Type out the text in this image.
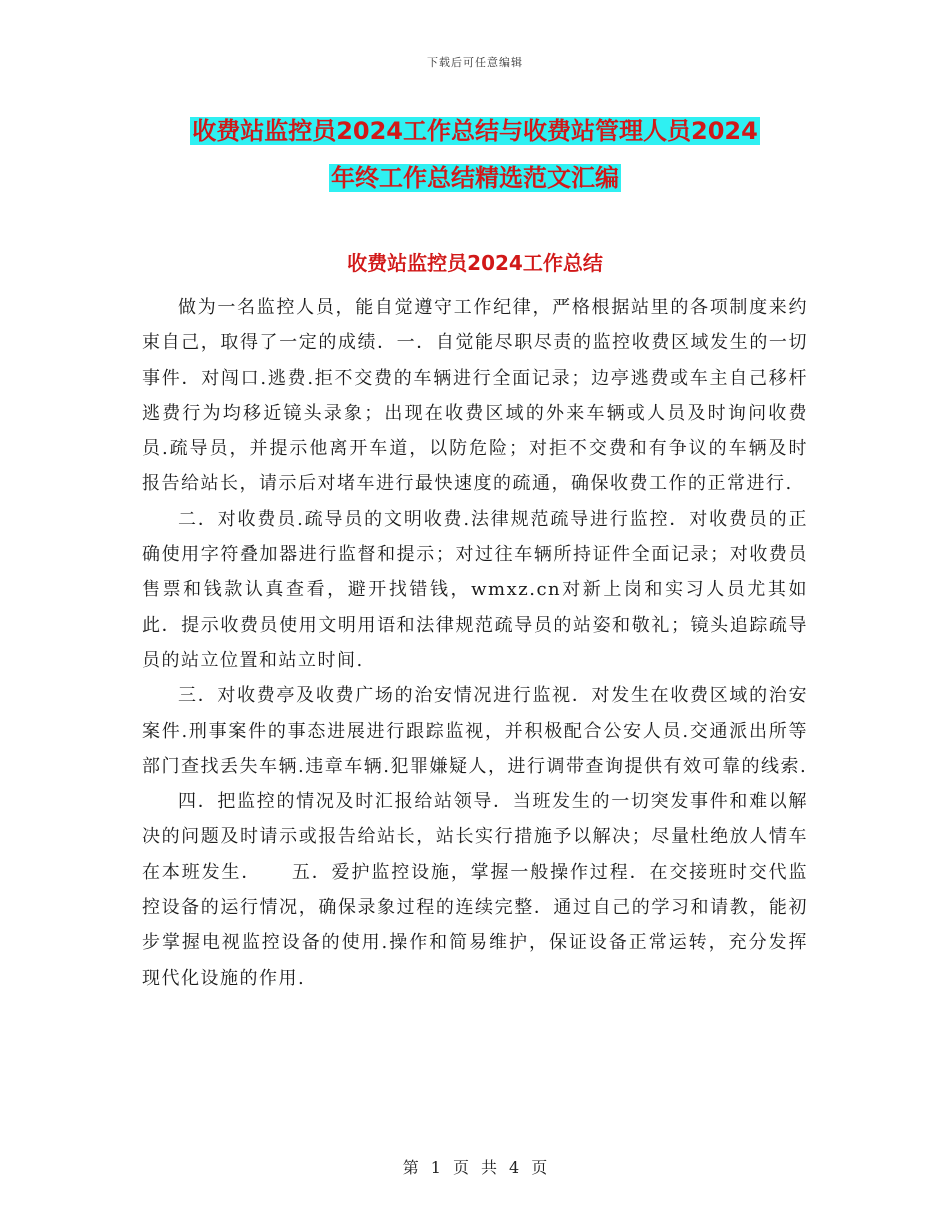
下载后可任意编辑
收费站监控员2024工作总结与收费站管理人员2024
年终工作总结精选范文汇编
收费站监控员2024工作总结

做为一名监控人员，能自觉遵守工作纪律，严格根据站里的各项制度来约束自己，取得了一定的成绩．一．自觉能尽职尽责的监控收费区域发生的一切事件．对闯口.逃费.拒不交费的车辆进行全面记录；边亭逃费或车主自己移杆逃费行为均移近镜头录象；出现在收费区域的外来车辆或人员及时询问收费员.疏导员，并提示他离开车道，以防危险；对拒不交费和有争议的车辆及时报告给站长，请示后对堵车进行最快速度的疏通，确保收费工作的正常进行.

二．对收费员.疏导员的文明收费.法律规范疏导进行监控．对收费员的正确使用字符叠加器进行监督和提示；对过往车辆所持证件全面记录；对收费员售票和钱款认真查看，避开找错钱，wmxz.cn对新上岗和实习人员尤其如此．提示收费员使用文明用语和法律规范疏导员的站姿和敬礼；镜头追踪疏导员的站立位置和站立时间.

三．对收费亭及收费广场的治安情况进行监视．对发生在收费区域的治安案件.刑事案件的事态进展进行跟踪监视，并积极配合公安人员.交通派出所等部门查找丢失车辆.违章车辆.犯罪嫌疑人，进行调带查询提供有效可靠的线索.

四．把监控的情况及时汇报给站领导．当班发生的一切突发事件和难以解决的问题及时请示或报告给站长，站长实行措施予以解决；尽量杜绝放人情车在本班发生．　　五．爱护监控设施，掌握一般操作过程．在交接班时交代监控设备的运行情况，确保录象过程的连续完整．通过自己的学习和请教，能初步掌握电视监控设备的使用.操作和简易维护，保证设备正常运转，充分发挥现代化设施的作用.

第 1 页 共 4 页
